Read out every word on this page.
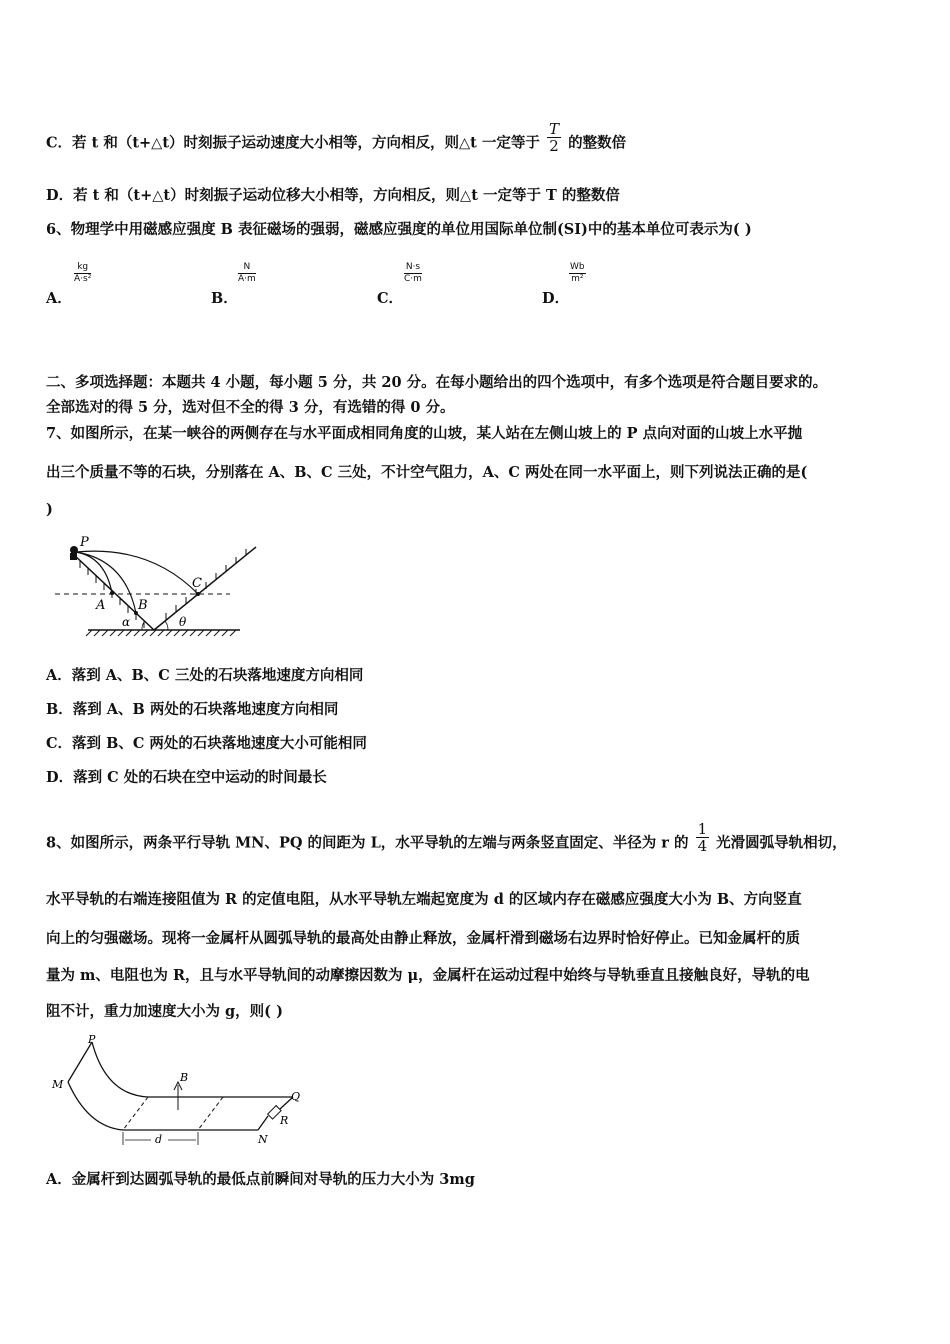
C．若 t 和（t+△t）时刻振子运动速度大小相等，方向相反，则△t 一定等于 $\frac{T}{2}$ 的整数倍
D．若 t 和（t+△t）时刻振子运动位移大小相等，方向相反，则△t 一定等于 T 的整数倍
6、物理学中用磁感应强度 B 表征磁场的强弱，磁感应强度的单位用国际单位制(SI)中的基本单位可表示为( )
A．
$\frac{kg}{\text{A·s²}}$
B．
$\frac{N}{A\cdot m}$
C．
$\frac{N\cdot s}{C\cdot m}$
D．
$\frac{Wb}{\text{m²}}$
二、多项选择题：本题共 4 小题，每小题 5 分，共 20 分。在每小题给出的四个选项中，有多个选项是符合题目要求的。
全部选对的得 5 分，选对但不全的得 3 分，有选错的得 0 分。
7、如图所示，在某一峡谷的两侧存在与水平面成相同角度的山坡，某人站在左侧山坡上的 P 点向对面的山坡上水平抛
出三个质量不等的石块，分别落在 A、B、C 三处，不计空气阻力，A、C 两处在同一水平面上，则下列说法正确的是(
)
P
A	B
C
α	θ
A．落到 A、B、C 三处的石块落地速度方向相同
B．落到 A、B 两处的石块落地速度方向相同
C．落到 B、C 两处的石块落地速度大小可能相同
D．落到 C 处的石块在空中运动的时间最长
8、如图所示，两条平行导轨 MN、PQ 的间距为 L，水平导轨的左端与两条竖直固定、半径为 r 的 $\frac{1}{4}$ 光滑圆弧导轨相切，
水平导轨的右端连接阻值为 R 的定值电阻，从水平导轨左端起宽度为 d 的区域内存在磁感应强度大小为 B、方向竖直
向上的匀强磁场。现将一金属杆从圆弧导轨的最高处由静止释放，金属杆滑到磁场右边界时恰好停止。已知金属杆的质
量为 m、电阻也为 R，且与水平导轨间的动摩擦因数为 μ，金属杆在运动过程中始终与导轨垂直且接触良好，导轨的电
阻不计，重力加速度大小为 g，则( )
P
M
B
Q
R
d	N
A．金属杆到达圆弧导轨的最低点前瞬间对导轨的压力大小为 3mg
